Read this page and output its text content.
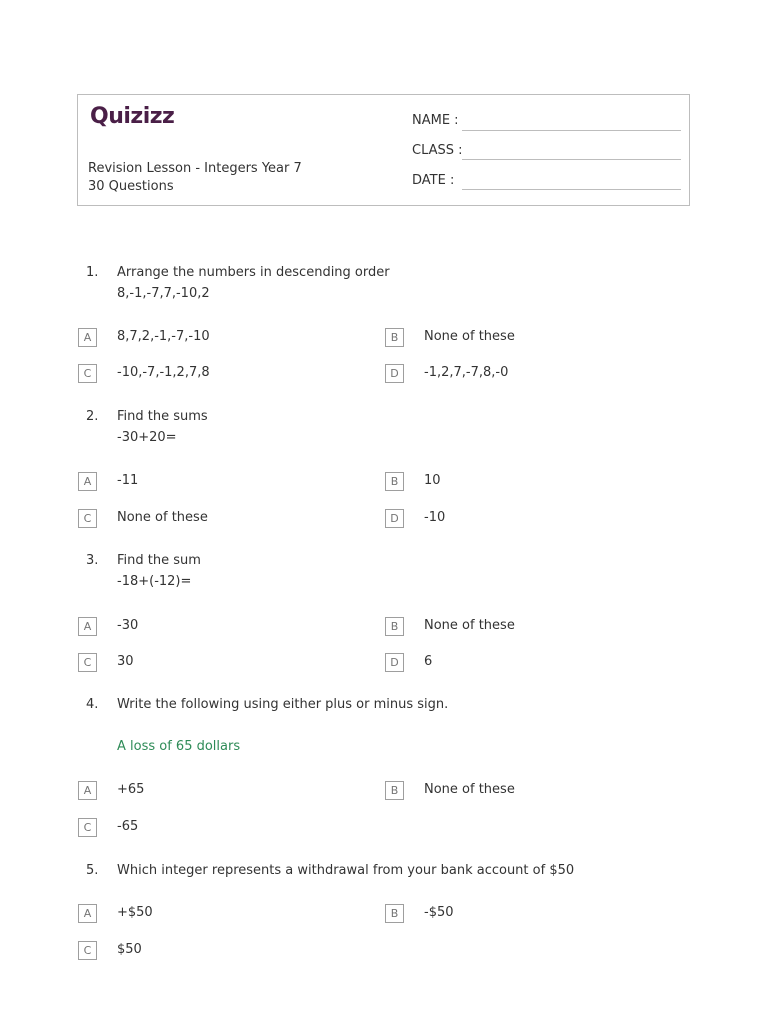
Quizizz
Revision Lesson - Integers Year 7
30 Questions
NAME :
CLASS :
DATE :
1. Arrange the numbers in descending order
8,-1,-7,7,-10,2
A	8,7,2,-1,-7,-10	B	None of these
C	-10,-7,-1,2,7,8	D	-1,2,7,-7,8,-0
2. Find the sums
-30+20=
A	-11	B	10
C	None of these	D	-10
3. Find the sum
-18+(-12)=
A	-30	B	None of these
C	30	D	6
4. Write the following using either plus or minus sign.
A loss of 65 dollars
A	+65	B	None of these
C	-65
5. Which integer represents a withdrawal from your bank account of $50
A	+$50	B	-$50
C	$50
